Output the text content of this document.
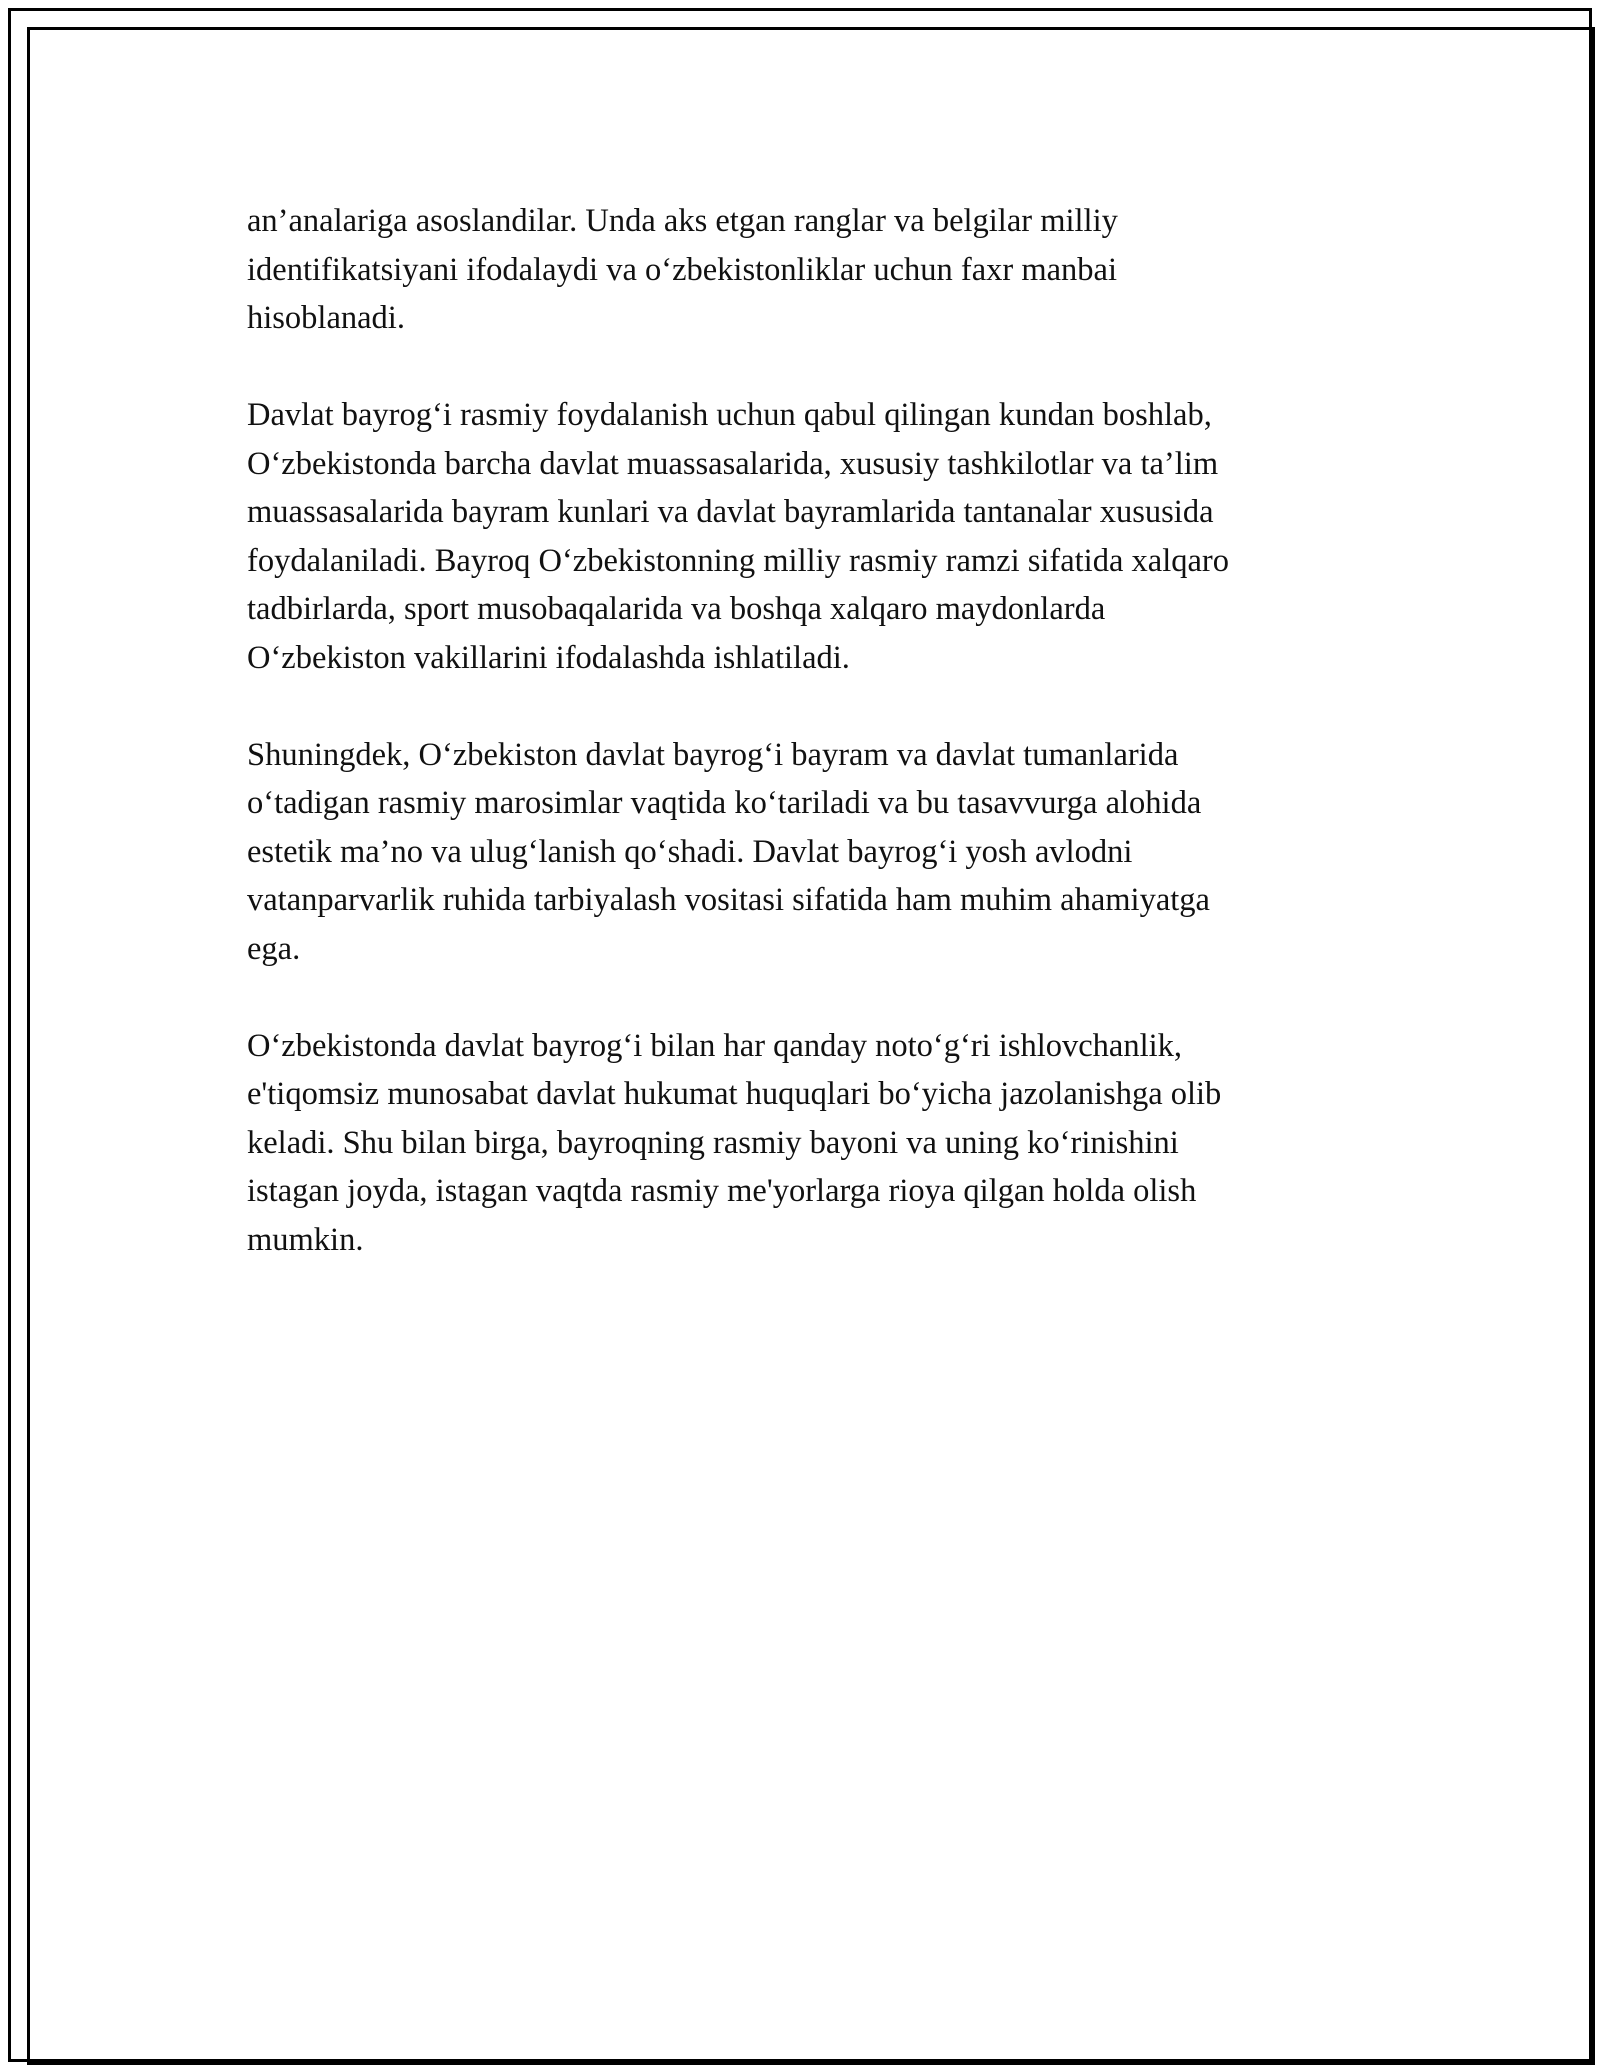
an’analariga asoslandilar. Unda aks etgan ranglar va belgilar milliy
identifikatsiyani ifodalaydi va o‘zbekistonliklar uchun faxr manbai
hisoblanadi.

Davlat bayrog‘i rasmiy foydalanish uchun qabul qilingan kundan boshlab,
O‘zbekistonda barcha davlat muassasalarida, xususiy tashkilotlar va ta’lim
muassasalarida bayram kunlari va davlat bayramlarida tantanalar xususida
foydalaniladi. Bayroq O‘zbekistonning milliy rasmiy ramzi sifatida xalqaro
tadbirlarda, sport musobaqalarida va boshqa xalqaro maydonlarda
O‘zbekiston vakillarini ifodalashda ishlatiladi.

Shuningdek, O‘zbekiston davlat bayrog‘i bayram va davlat tumanlarida
o‘tadigan rasmiy marosimlar vaqtida ko‘tariladi va bu tasavvurga alohida
estetik ma’no va ulug‘lanish qo‘shadi. Davlat bayrog‘i yosh avlodni
vatanparvarlik ruhida tarbiyalash vositasi sifatida ham muhim ahamiyatga
ega.

O‘zbekistonda davlat bayrog‘i bilan har qanday noto‘g‘ri ishlovchanlik,
e'tiqomsiz munosabat davlat hukumat huquqlari bo‘yicha jazolanishga olib
keladi. Shu bilan birga, bayroqning rasmiy bayoni va uning ko‘rinishini
istagan joyda, istagan vaqtda rasmiy me'yorlarga rioya qilgan holda olish
mumkin.
